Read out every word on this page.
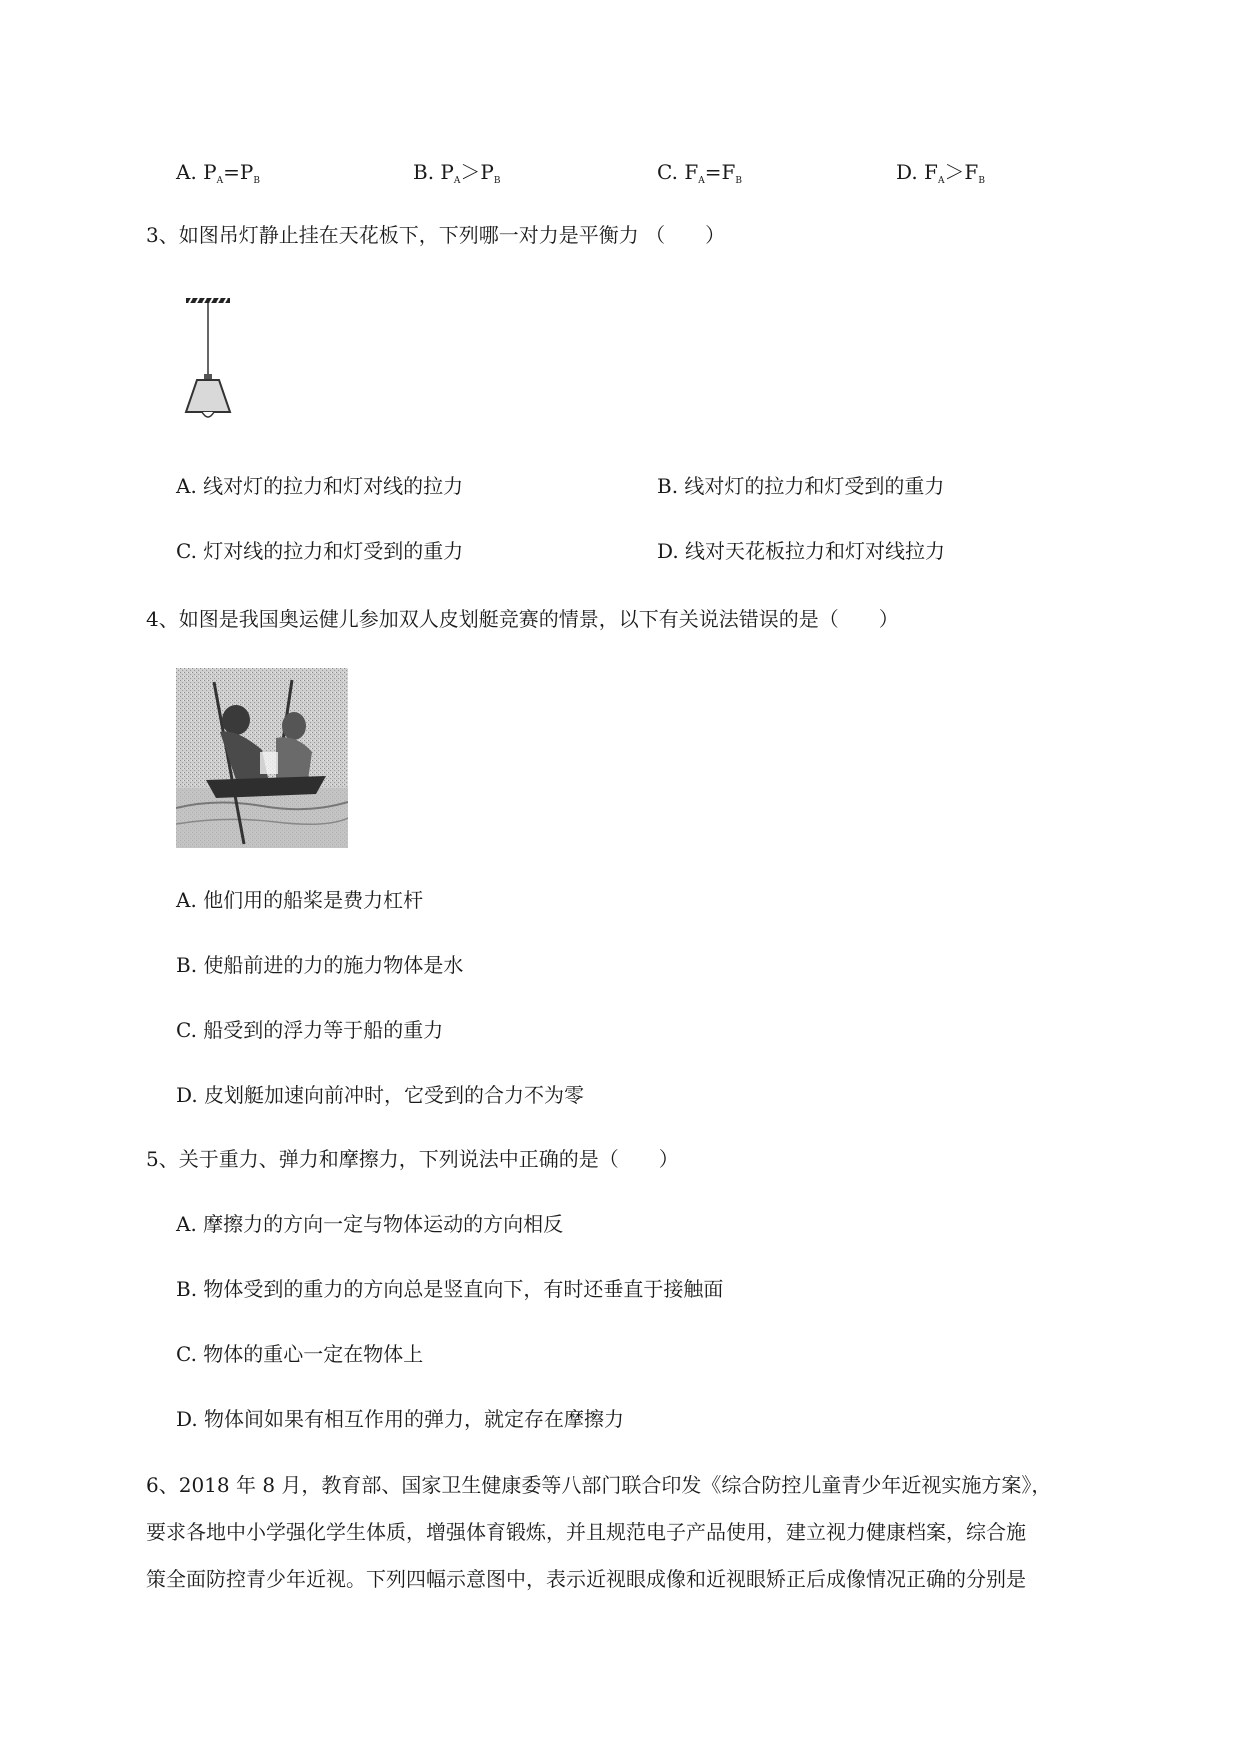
A. $P_A=P_B$	B. $P_A>P_B$	C. $F_A=F_B$	D. $F_A>F_B$
3、如图吊灯静止挂在天花板下，下列哪一对力是平衡力 （　　）
A. 线对灯的拉力和灯对线的拉力	B. 线对灯的拉力和灯受到的重力
C. 灯对线的拉力和灯受到的重力	D. 线对天花板拉力和灯对线拉力
4、如图是我国奥运健儿参加双人皮划艇竞赛的情景，以下有关说法错误的是（　　）
A. 他们用的船桨是费力杠杆
B. 使船前进的力的施力物体是水
C. 船受到的浮力等于船的重力
D. 皮划艇加速向前冲时，它受到的合力不为零
5、关于重力、弹力和摩擦力，下列说法中正确的是（　　）
A. 摩擦力的方向一定与物体运动的方向相反
B. 物体受到的重力的方向总是竖直向下，有时还垂直于接触面
C. 物体的重心一定在物体上
D. 物体间如果有相互作用的弹力，就定存在摩擦力
6、2018 年 8 月，教育部、国家卫生健康委等八部门联合印发《综合防控儿童青少年近视实施方案》，
要求各地中小学强化学生体质，增强体育锻炼，并且规范电子产品使用，建立视力健康档案，综合施
策全面防控青少年近视。下列四幅示意图中，表示近视眼成像和近视眼矫正后成像情况正确的分别是
